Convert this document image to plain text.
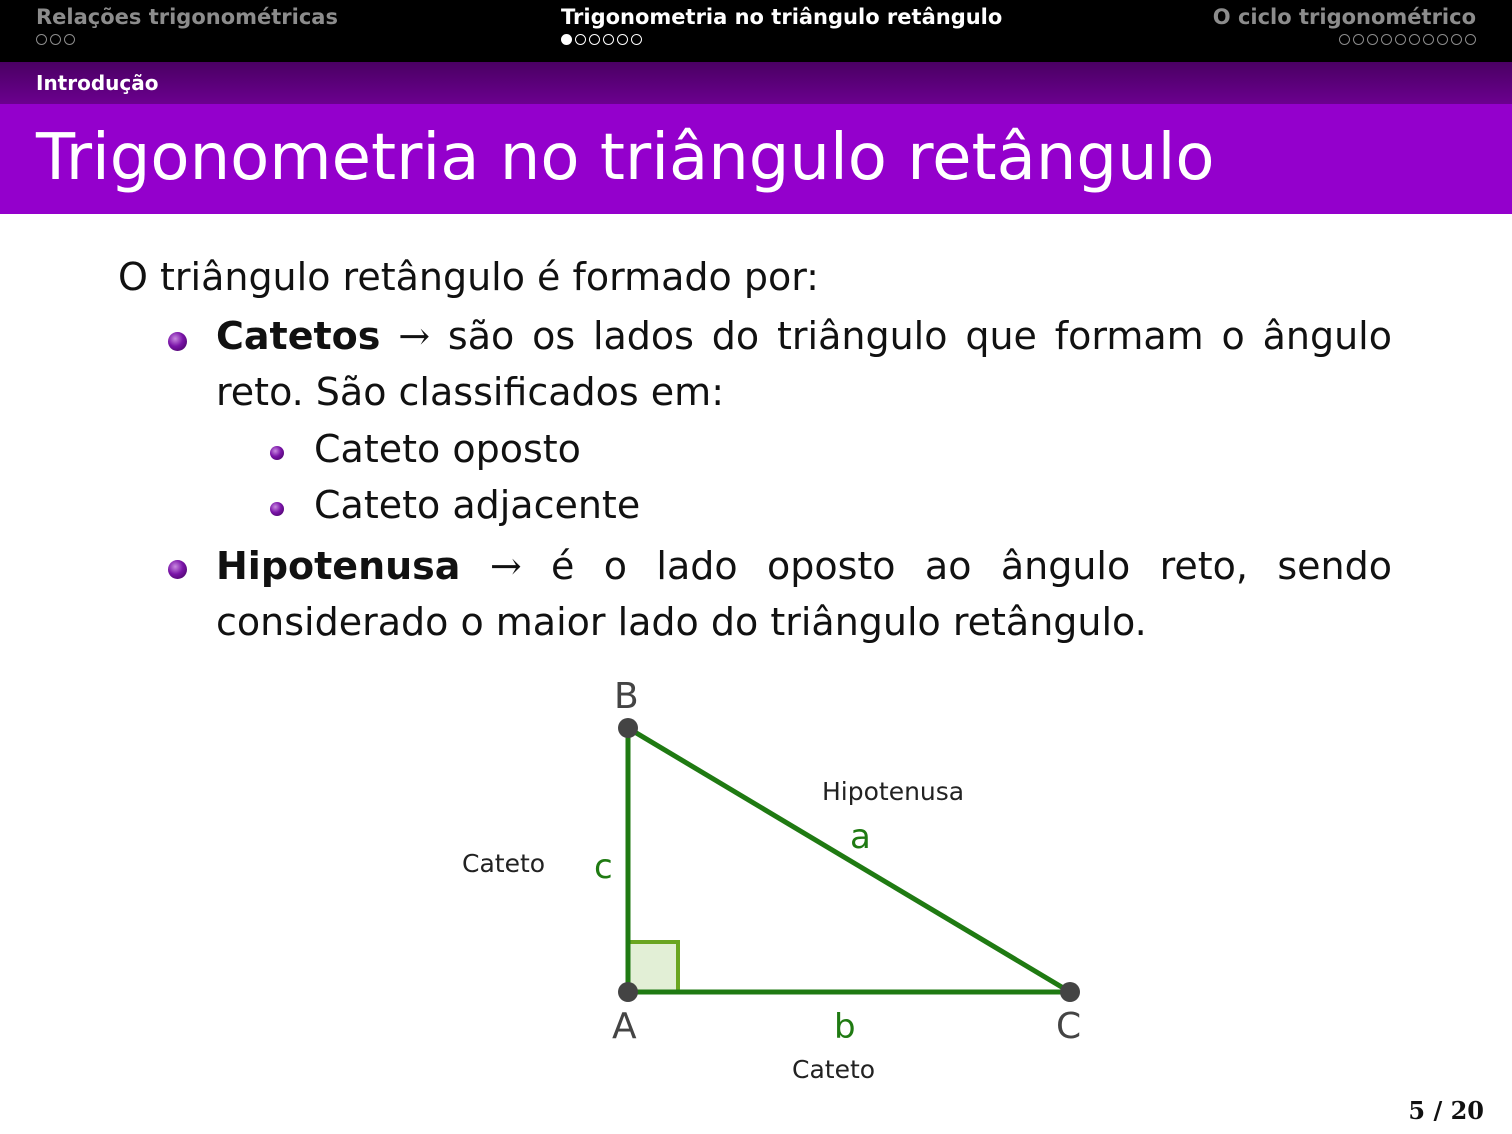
Relações trigonométricas	Trigonometria no triângulo retângulo	O ciclo trigonométrico
Introdução
Trigonometria no triângulo retângulo
O triângulo retângulo é formado por:
Catetos → são os lados do triângulo que formam o ângulo reto. São classificados em:
Cateto oposto
Cateto adjacente
Hipotenusa → é o lado oposto ao ângulo reto, sendo considerado o maior lado do triângulo retângulo.
B
A	C
a
b
c
Hipotenusa
Cateto
Cateto
5 / 20
